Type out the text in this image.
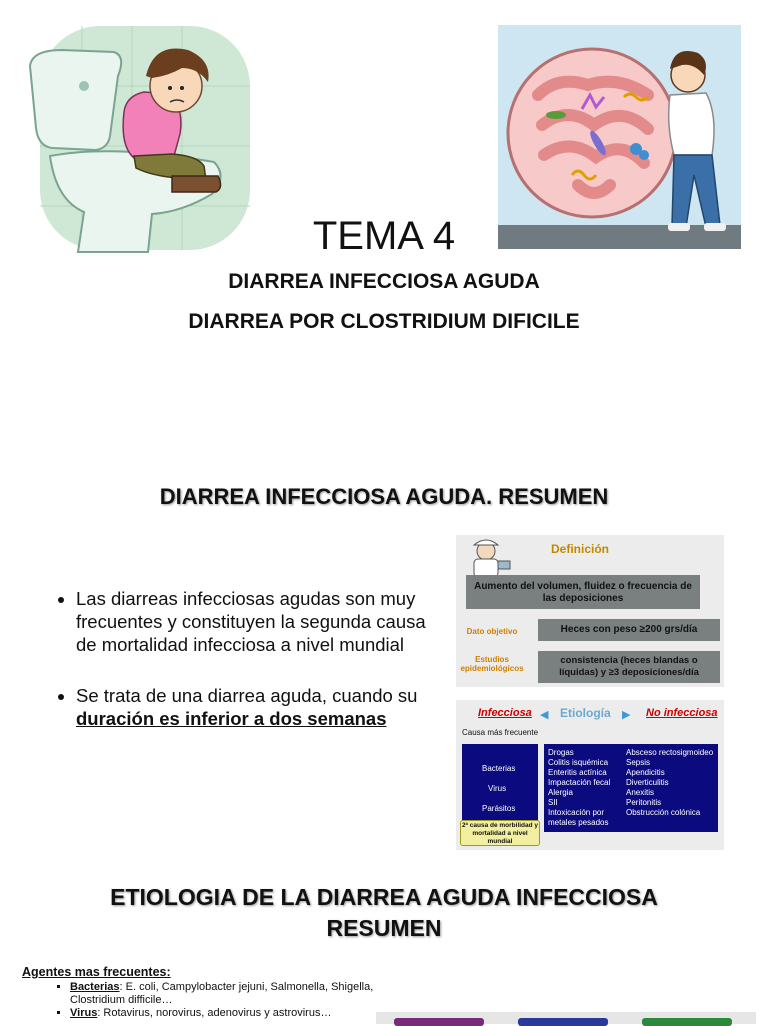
TEMA 4
DIARREA INFECCIOSA AGUDA
DIARREA POR CLOSTRIDIUM DIFICILE
DIARREA INFECCIOSA AGUDA. RESUMEN
• Las diarreas infecciosas agudas son muy frecuentes y constituyen la segunda causa de mortalidad infecciosa a nivel mundial
• Se trata de una diarrea aguda, cuando su duración es inferior a dos semanas
Definición
Aumento del volumen, fluidez o frecuencia de las deposiciones
Dato objetivo	Heces con peso ≥200 grs/día
Estudios epidemiológicos
consistencia (heces blandas o líquidas) y ≥3 deposiciones/día
Infecciosa ◀ Etiología ▶ No infecciosa
Causa más frecuente
Bacterias
Virus
Parásitos
2ª causa de morbilidad y mortalidad a nivel mundial
Drogas
Colitis isquémica
Enteritis actínica
Impactación fecal
Alergia
SII
Intoxicación por metales pesados
Absceso rectosigmoideo
Sepsis
Apendicitis
Diverticulitis
Anexitis
Peritonitis
Obstrucción colónica
ETIOLOGIA DE LA DIARREA AGUDA INFECCIOSA
RESUMEN
Agentes mas frecuentes:
▪ Bacterias: E. coli, Campylobacter jejuni, Salmonella, Shigella, Clostridium difficile…
▪ Virus: Rotavirus, norovirus, adenovirus y astrovirus…
